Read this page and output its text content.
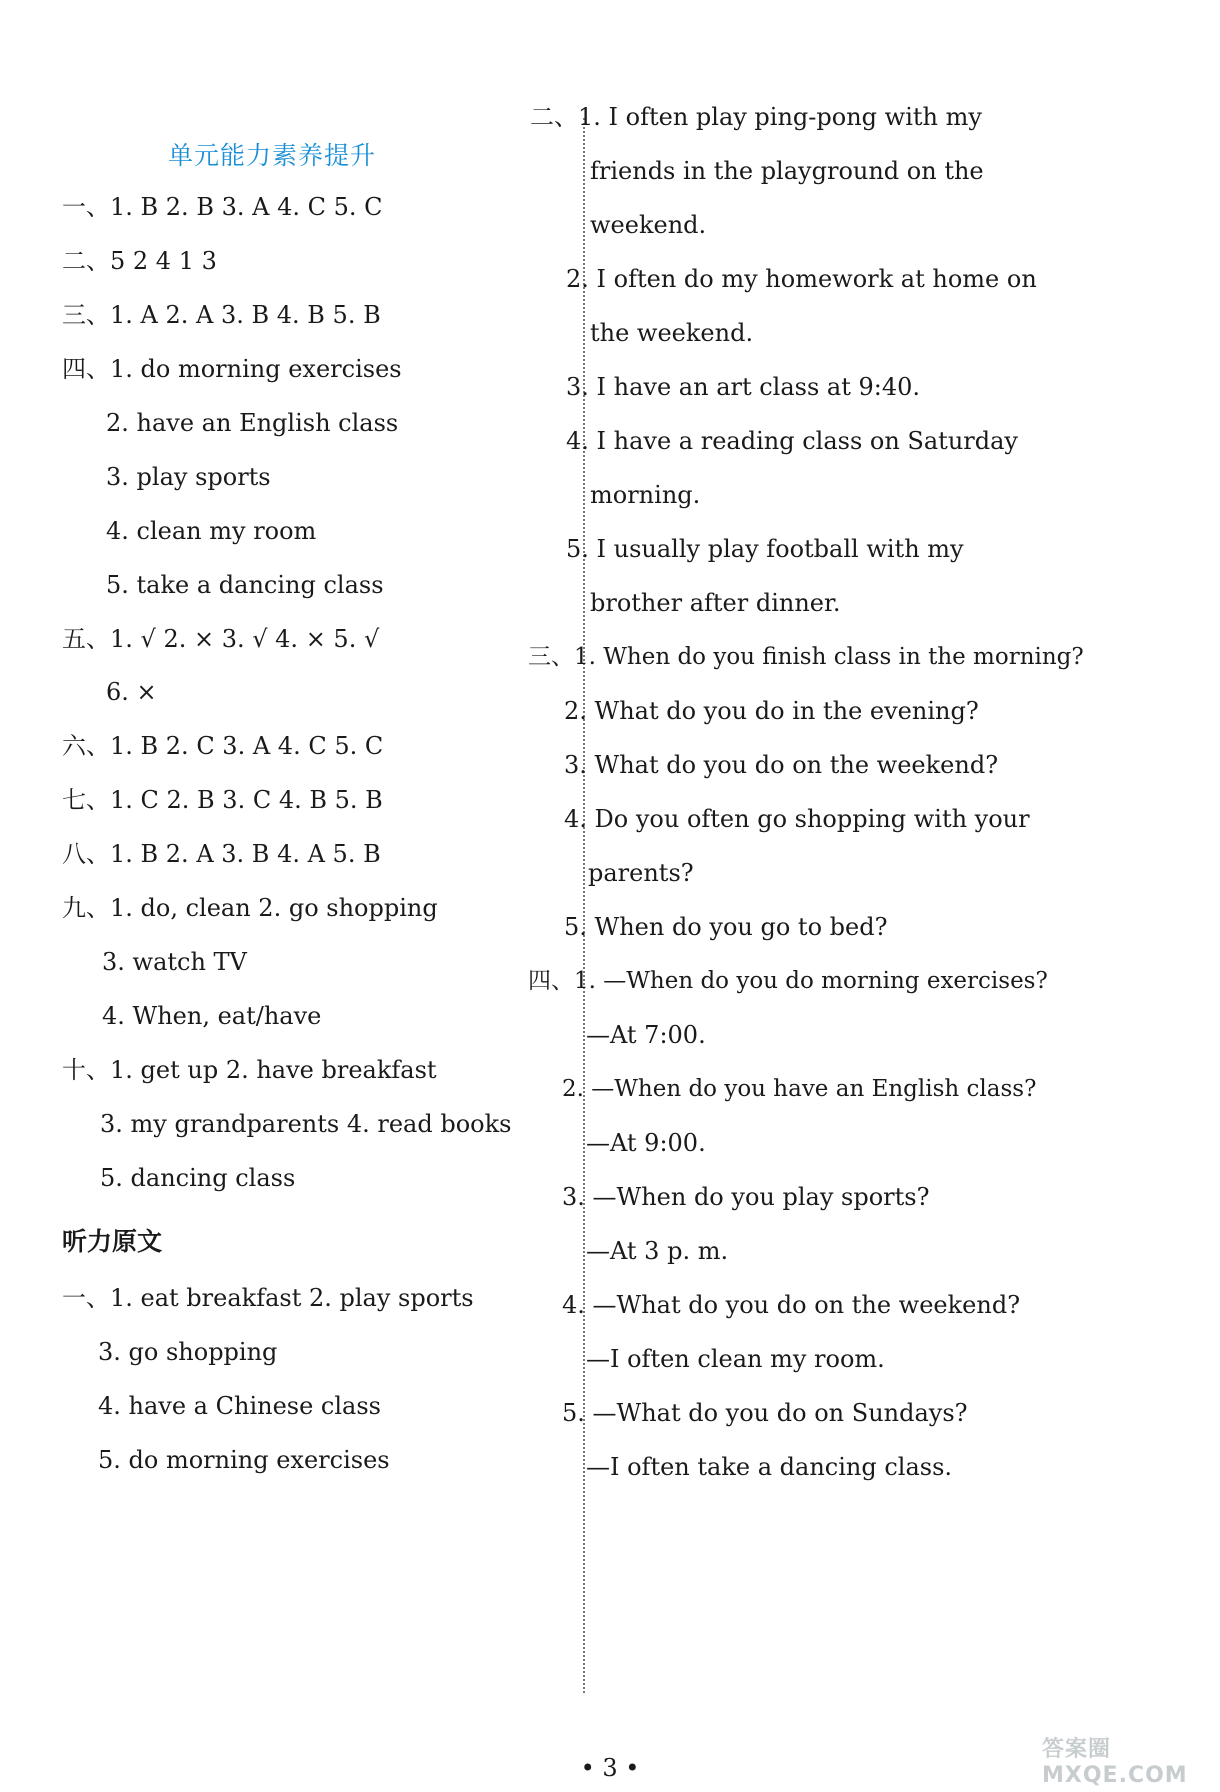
单元能力素养提升
一、1. B 2. B 3. A 4. C 5. C
二、5 2 4 1 3
三、1. A 2. A 3. B 4. B 5. B
四、1. do morning exercises
2. have an English class
3. play sports
4. clean my room
5. take a dancing class
五、1. √ 2. × 3. √ 4. × 5. √
6. ×
六、1. B 2. C 3. A 4. C 5. C
七、1. C 2. B 3. C 4. B 5. B
八、1. B 2. A 3. B 4. A 5. B
九、1. do, clean 2. go shopping
3. watch TV
4. When, eat/have
十、1. get up 2. have breakfast
3. my grandparents 4. read books
5. dancing class
听力原文
一、1. eat breakfast 2. play sports
3. go shopping
4. have a Chinese class
5. do morning exercises
二、1. I often play ping-pong with my
friends in the playground on the
weekend.
2. I often do my homework at home on
the weekend.
3. I have an art class at 9:40.
4. I have a reading class on Saturday
morning.
5. I usually play football with my
brother after dinner.
三、1. When do you finish class in the morning?
2. What do you do in the evening?
3. What do you do on the weekend?
4. Do you often go shopping with your
parents?
5. When do you go to bed?
四、1. —When do you do morning exercises?
—At 7:00.
2. —When do you have an English class?
—At 9:00.
3. —When do you play sports?
—At 3 p. m.
4. —What do you do on the weekend?
—I often clean my room.
5. —What do you do on Sundays?
—I often take a dancing class.
• 3 •
答案圈 MXQE.COM
